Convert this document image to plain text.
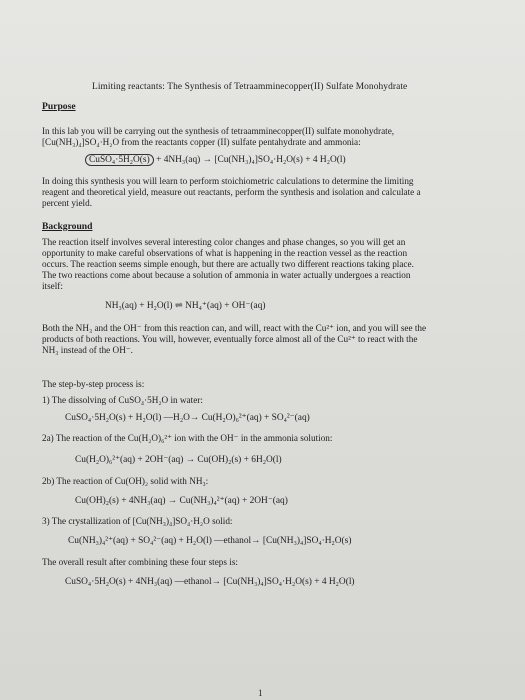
Limiting reactants: The Synthesis of Tetraamminecopper(II) Sulfate Monohydrate
Purpose
In this lab you will be carrying out the synthesis of tetraamminecopper(II) sulfate monohydrate,
[Cu(NH₃)₄]SO₄·H₂O from the reactants copper (II) sulfate pentahydrate and ammonia:
CuSO₄·5H₂O(s) + 4NH₃(aq) → [Cu(NH₃)₄]SO₄·H₂O(s) + 4 H₂O(l)
In doing this synthesis you will learn to perform stoichiometric calculations to determine the limiting
reagent and theoretical yield, measure out reactants, perform the synthesis and isolation and calculate a
percent yield.
Background
The reaction itself involves several interesting color changes and phase changes, so you will get an
opportunity to make careful observations of what is happening in the reaction vessel as the reaction
occurs. The reaction seems simple enough, but there are actually two different reactions taking place.
The two reactions come about because a solution of ammonia in water actually undergoes a reaction
itself:
NH₃(aq) + H₂O(l) ⇌ NH₄⁺(aq) + OH⁻(aq)
Both the NH₃ and the OH⁻ from this reaction can, and will, react with the Cu²⁺ ion, and you will see the
products of both reactions. You will, however, eventually force almost all of the Cu²⁺ to react with the
NH₃ instead of the OH⁻.
The step-by-step process is:
1) The dissolving of CuSO₄·5H₂O in water:
CuSO₄·5H₂O(s) + H₂O(l) —H₂O→ Cu(H₂O)₆²⁺(aq) + SO₄²⁻(aq)
2a) The reaction of the Cu(H₂O)₆²⁺ ion with the OH⁻ in the ammonia solution:
Cu(H₂O)₆²⁺(aq) + 2OH⁻(aq) → Cu(OH)₂(s) + 6H₂O(l)
2b) The reaction of Cu(OH)₂ solid with NH₃:
Cu(OH)₂(s) + 4NH₃(aq) → Cu(NH₃)₄²⁺(aq) + 2OH⁻(aq)
3) The crystallization of [Cu(NH₃)₄]SO₄·H₂O solid:
Cu(NH₃)₄²⁺(aq) + SO₄²⁻(aq) + H₂O(l) —ethanol→ [Cu(NH₃)₄]SO₄·H₂O(s)
The overall result after combining these four steps is:
CuSO₄·5H₂O(s) + 4NH₃(aq) —ethanol→ [Cu(NH₃)₄]SO₄·H₂O(s) + 4 H₂O(l)
1
